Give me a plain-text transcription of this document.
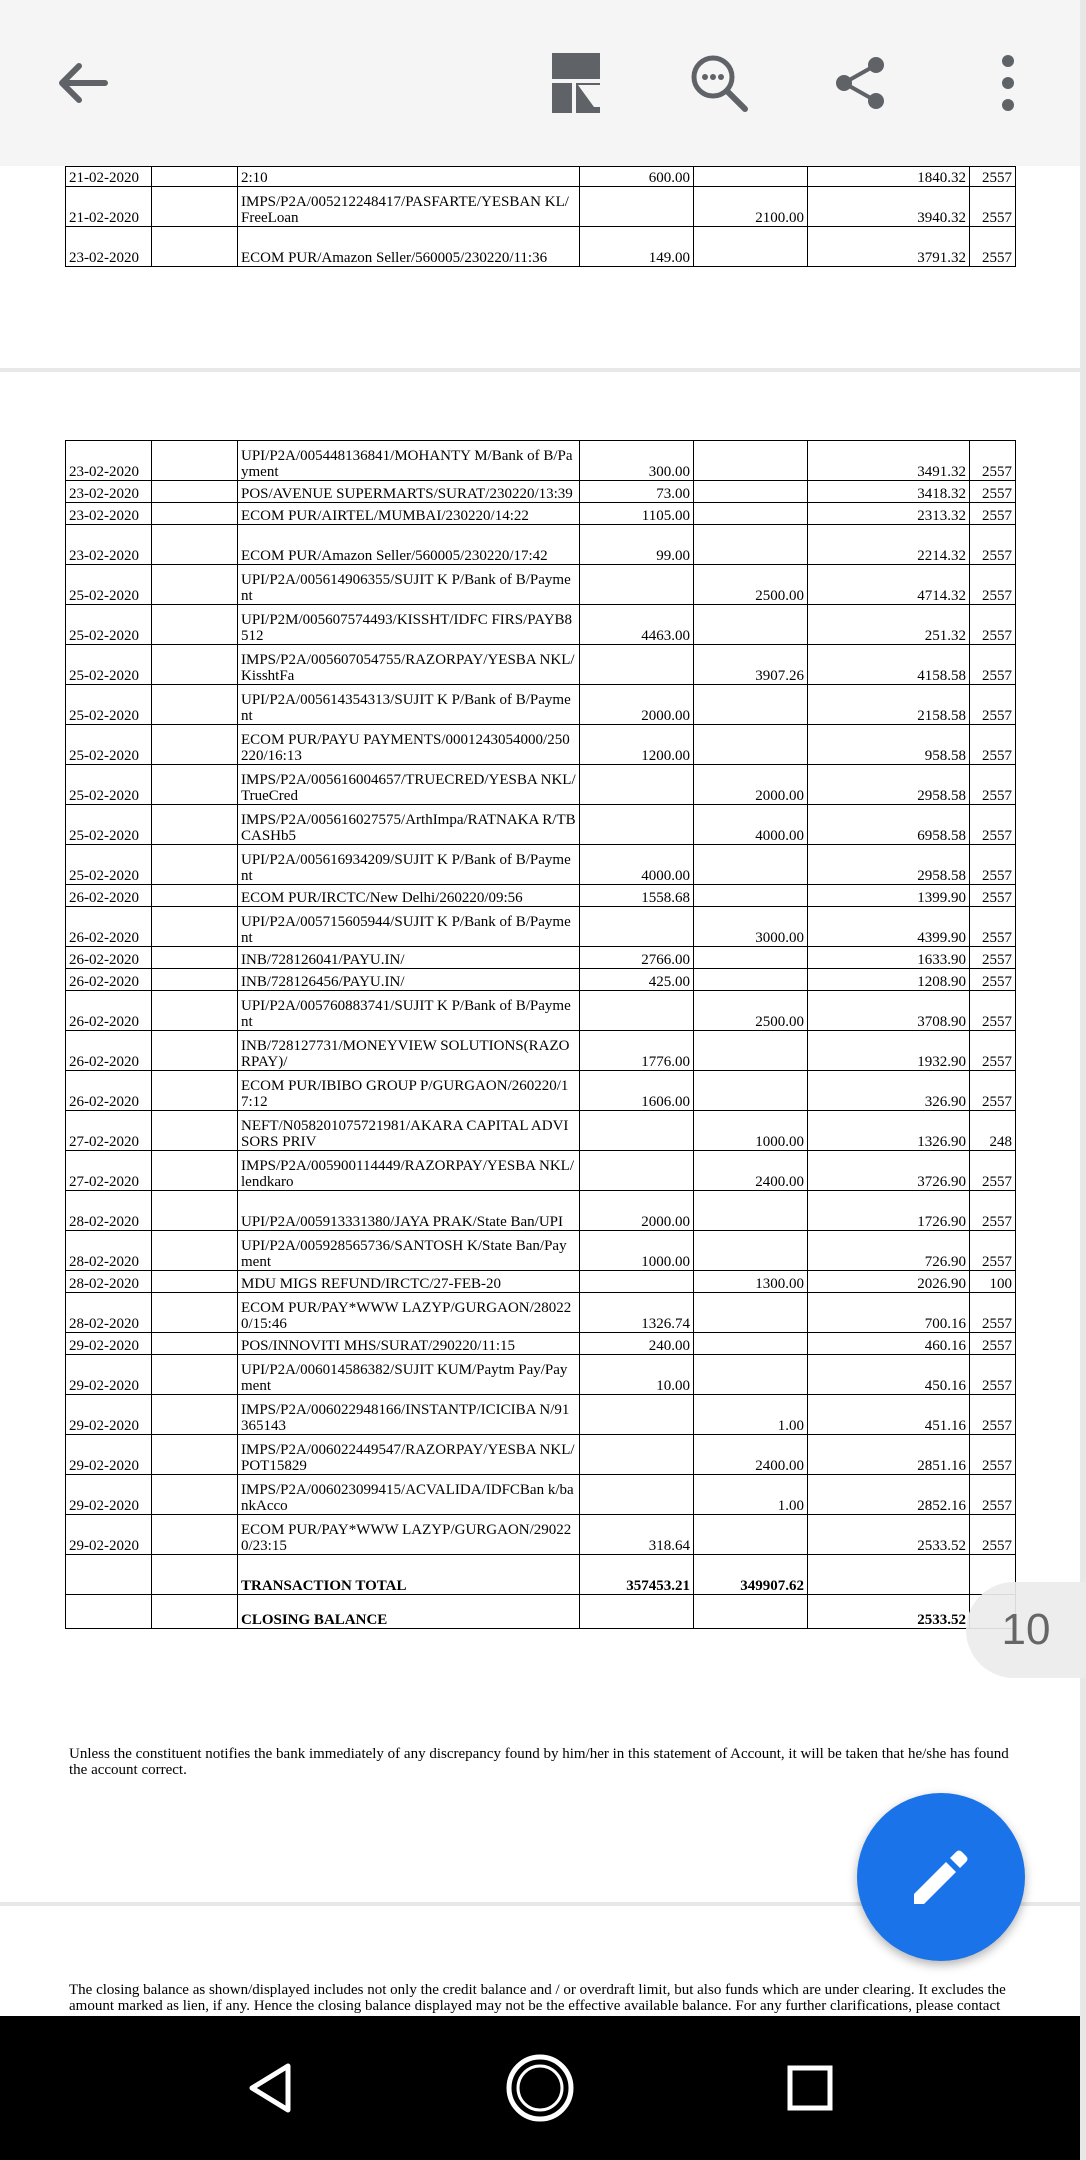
21-02-2020		2:10	600.00		1840.32	2557
21-02-2020		IMPS/P2A/005212248417/PASFARTE/YESBAN KL/FreeLoan		2100.00	3940.32	2557
23-02-2020		ECOM PUR/Amazon Seller/560005/230220/11:36	149.00		3791.32	2557
23-02-2020		UPI/P2A/005448136841/MOHANTY M/Bank of B/Payment	300.00		3491.32	2557
23-02-2020		POS/AVENUE SUPERMARTS/SURAT/230220/13:39	73.00		3418.32	2557
23-02-2020		ECOM PUR/AIRTEL/MUMBAI/230220/14:22	1105.00		2313.32	2557
23-02-2020		ECOM PUR/Amazon Seller/560005/230220/17:42	99.00		2214.32	2557
25-02-2020		UPI/P2A/005614906355/SUJIT K P/Bank of B/Payment		2500.00	4714.32	2557
25-02-2020		UPI/P2M/005607574493/KISSHT/IDFC FIRS/PAYB8512	4463.00		251.32	2557
25-02-2020		IMPS/P2A/005607054755/RAZORPAY/YESBA NKL/KisshtFa		3907.26	4158.58	2557
25-02-2020		UPI/P2A/005614354313/SUJIT K P/Bank of B/Payment	2000.00		2158.58	2557
25-02-2020		ECOM PUR/PAYU PAYMENTS/0001243054000/250220/16:13	1200.00		958.58	2557
25-02-2020		IMPS/P2A/005616004657/TRUECRED/YESBA NKL/TrueCred		2000.00	2958.58	2557
25-02-2020		IMPS/P2A/005616027575/ArthImpa/RATNAKA R/TBCASHb5		4000.00	6958.58	2557
25-02-2020		UPI/P2A/005616934209/SUJIT K P/Bank of B/Payment	4000.00		2958.58	2557
26-02-2020		ECOM PUR/IRCTC/New Delhi/260220/09:56	1558.68		1399.90	2557
26-02-2020		UPI/P2A/005715605944/SUJIT K P/Bank of B/Payment		3000.00	4399.90	2557
26-02-2020		INB/728126041/PAYU.IN/	2766.00		1633.90	2557
26-02-2020		INB/728126456/PAYU.IN/	425.00		1208.90	2557
26-02-2020		UPI/P2A/005760883741/SUJIT K P/Bank of B/Payment		2500.00	3708.90	2557
26-02-2020		INB/728127731/MONEYVIEW SOLUTIONS(RAZORPAY)/	1776.00		1932.90	2557
26-02-2020		ECOM PUR/IBIBO GROUP P/GURGAON/260220/17:12	1606.00		326.90	2557
27-02-2020		NEFT/N058201075721981/AKARA CAPITAL ADVISORS PRIV		1000.00	1326.90	248
27-02-2020		IMPS/P2A/005900114449/RAZORPAY/YESBA NKL/lendkaro		2400.00	3726.90	2557
28-02-2020		UPI/P2A/005913331380/JAYA PRAK/State Ban/UPI	2000.00		1726.90	2557
28-02-2020		UPI/P2A/005928565736/SANTOSH K/State Ban/Payment	1000.00		726.90	2557
28-02-2020		MDU MIGS REFUND/IRCTC/27-FEB-20		1300.00	2026.90	100
28-02-2020		ECOM PUR/PAY*WWW LAZYP/GURGAON/280220/15:46	1326.74		700.16	2557
29-02-2020		POS/INNOVITI MHS/SURAT/290220/11:15	240.00		460.16	2557
29-02-2020		UPI/P2A/006014586382/SUJIT KUM/Paytm Pay/Payment	10.00		450.16	2557
29-02-2020		IMPS/P2A/006022948166/INSTANTP/ICICIBA N/91365143		1.00	451.16	2557
29-02-2020		IMPS/P2A/006022449547/RAZORPAY/YESBA NKL/POT15829		2400.00	2851.16	2557
29-02-2020		IMPS/P2A/006023099415/ACVALIDA/IDFCBan k/bankAcco		1.00	2852.16	2557
29-02-2020		ECOM PUR/PAY*WWW LAZYP/GURGAON/290220/23:15	318.64		2533.52	2557
		TRANSACTION TOTAL	357453.21	349907.62		
		CLOSING BALANCE			2533.52	
Unless the constituent notifies the bank immediately of any discrepancy found by him/her in this statement of Account, it will be taken that he/she has found the account correct.
The closing balance as shown/displayed includes not only the credit balance and / or overdraft limit, but also funds which are under clearing. It excludes the amount marked as lien, if any. Hence the closing balance displayed may not be the effective available balance. For any further clarifications, please contact
10
